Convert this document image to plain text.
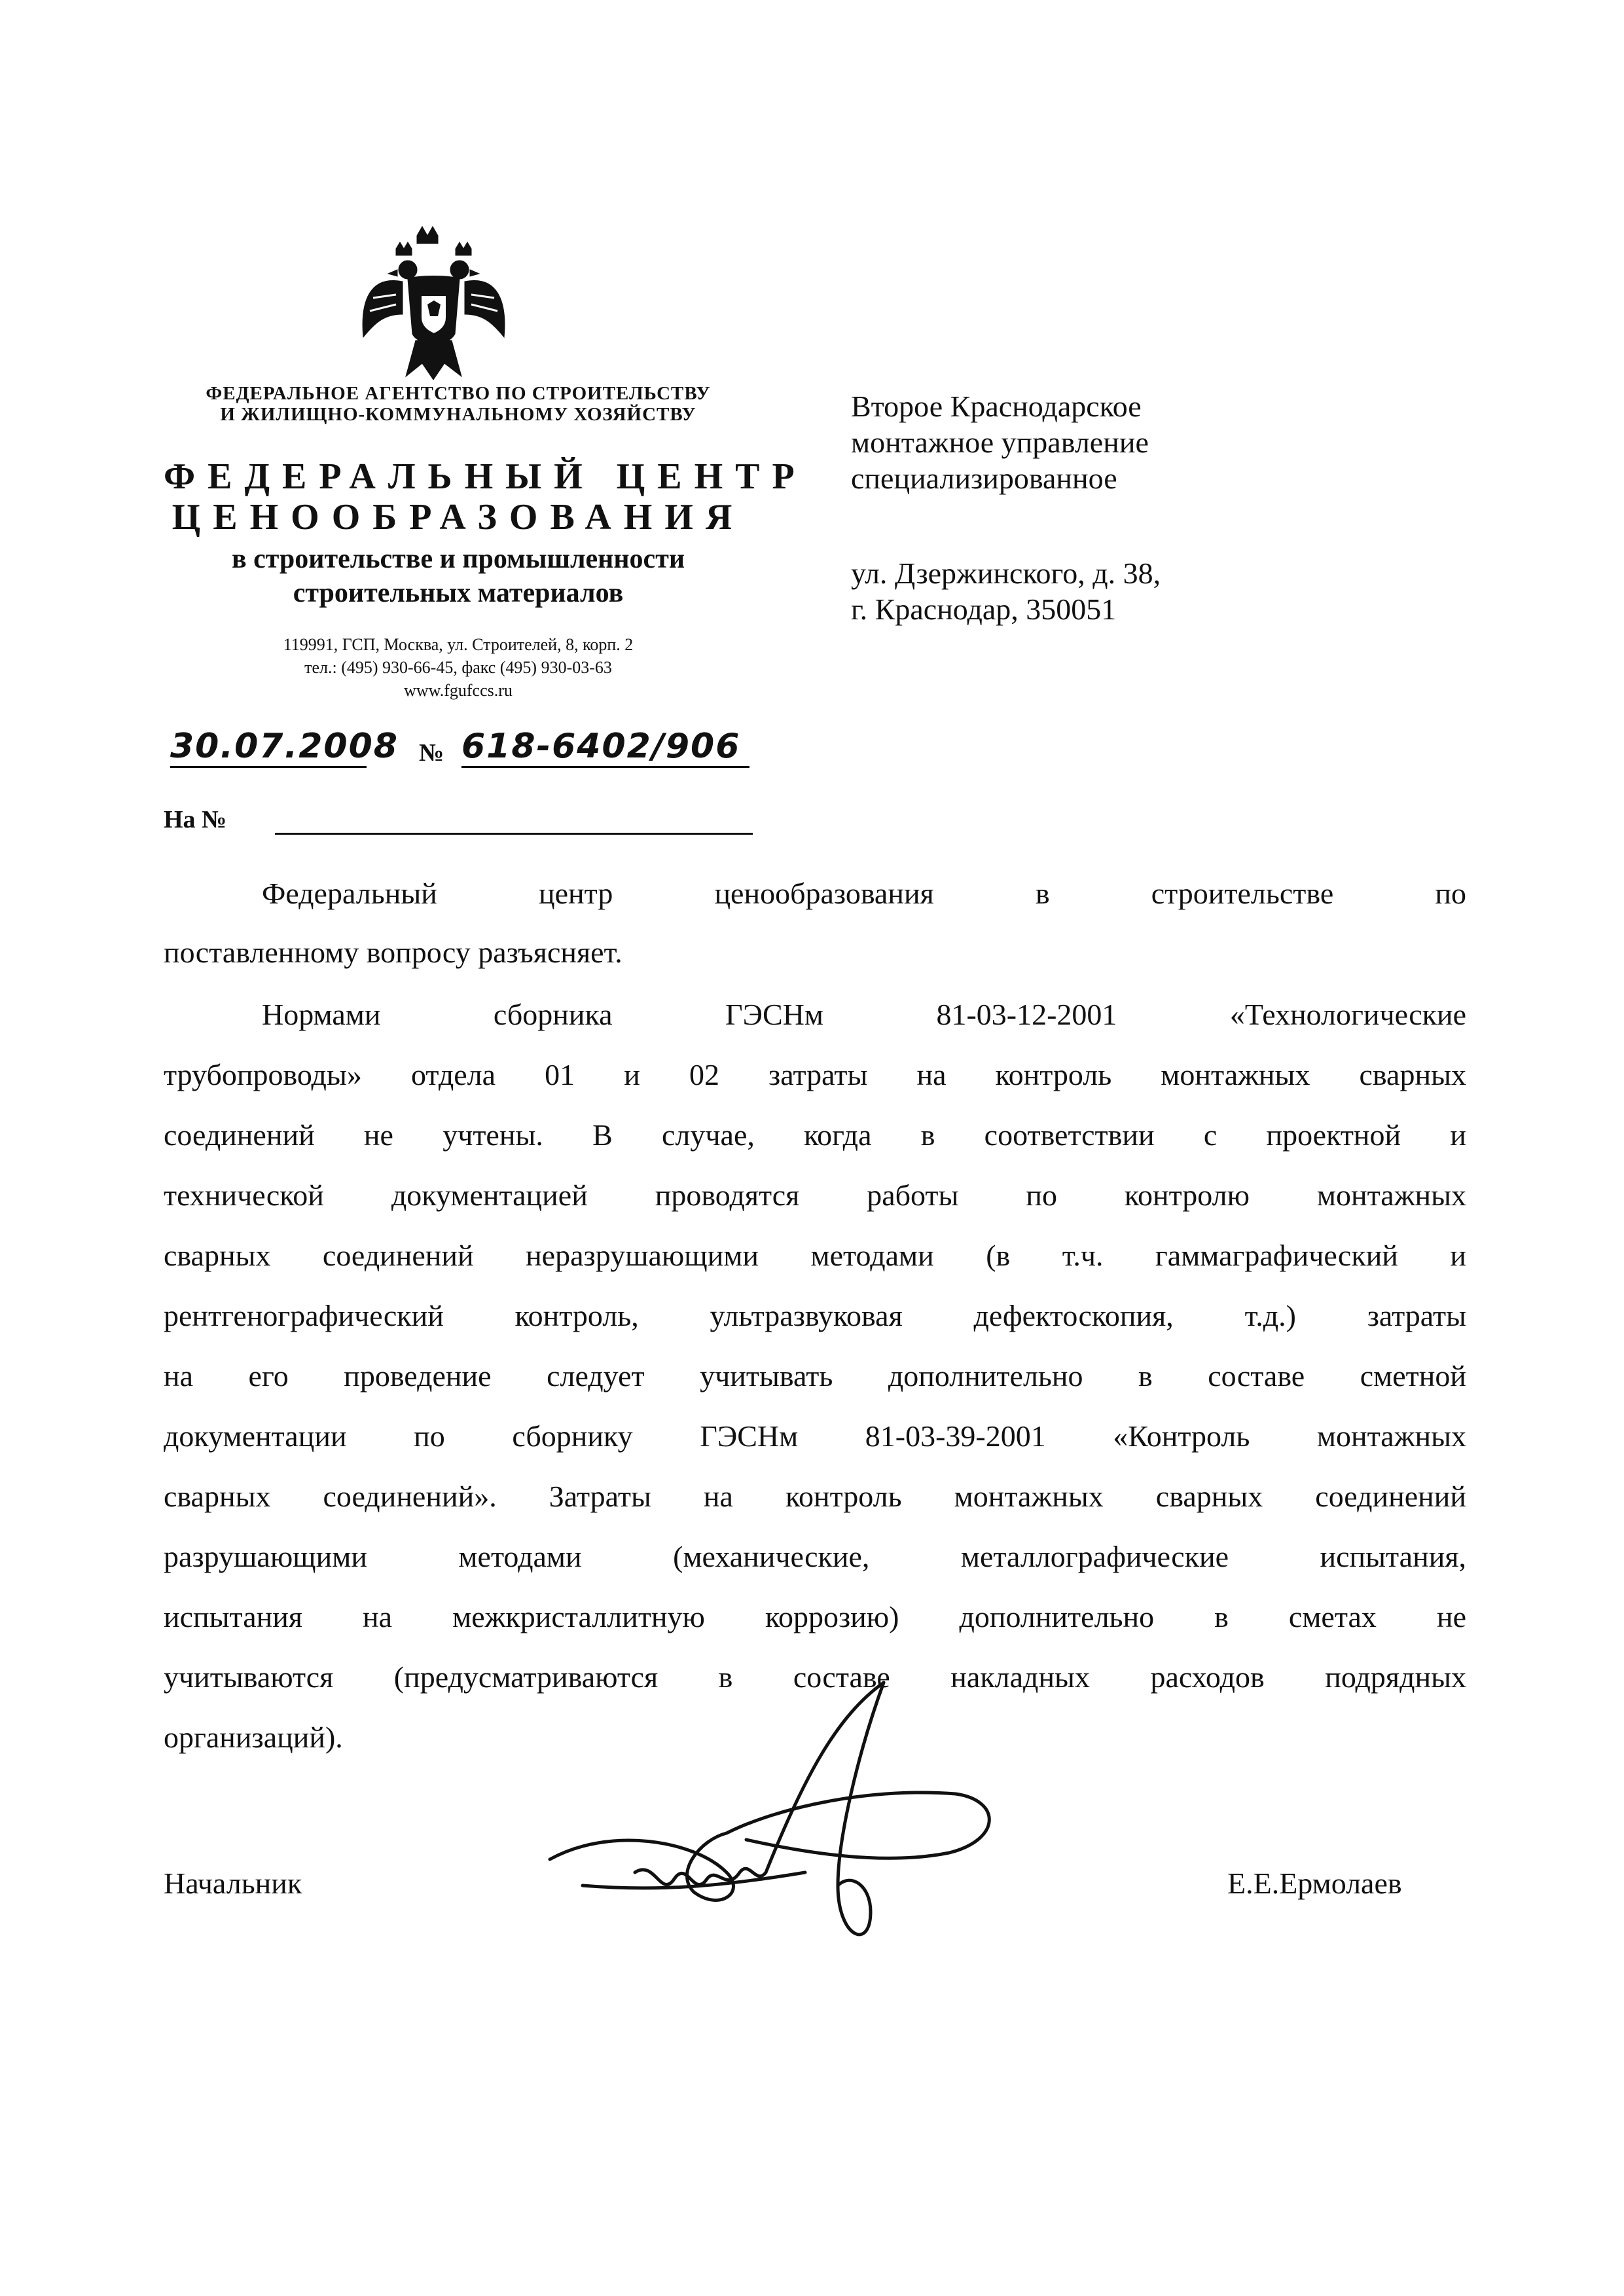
ФЕДЕРАЛЬНОЕ АГЕНТСТВО ПО СТРОИТЕЛЬСТВУ
И ЖИЛИЩНО-КОММУНАЛЬНОМУ ХОЗЯЙСТВУ
ФЕДЕРАЛЬНЫЙ ЦЕНТР
ЦЕНООБРАЗОВАНИЯ
в строительстве и промышленности
строительных материалов
119991, ГСП, Москва, ул. Строителей, 8, корп. 2
тел.: (495) 930-66-45, факс (495) 930-03-63
www.fgufccs.ru
30.07.2008 № 618-6402/906
На №
Второе Краснодарское
монтажное управление
специализированное
ул. Дзержинского, д. 38,
г. Краснодар, 350051
Федеральный центр ценообразования в строительстве по
поставленному вопросу разъясняет.
Нормами сборника ГЭСНм 81-03-12-2001 «Технологические
трубопроводы» отдела 01 и 02 затраты на контроль монтажных сварных
соединений не учтены. В случае, когда в соответствии с проектной и
технической документацией проводятся работы по контролю монтажных
сварных соединений неразрушающими методами (в т.ч. гаммаграфический и
рентгенографический контроль, ультразвуковая дефектоскопия, т.д.) затраты
на его проведение следует учитывать дополнительно в составе сметной
документации по сборнику ГЭСНм 81-03-39-2001 «Контроль монтажных
сварных соединений». Затраты на контроль монтажных сварных соединений
разрушающими методами (механические, металлографические испытания,
испытания на межкристаллитную коррозию) дополнительно в сметах не
учитываются (предусматриваются в составе накладных расходов подрядных
организаций).
Начальник	Е.Е.Ермолаев
